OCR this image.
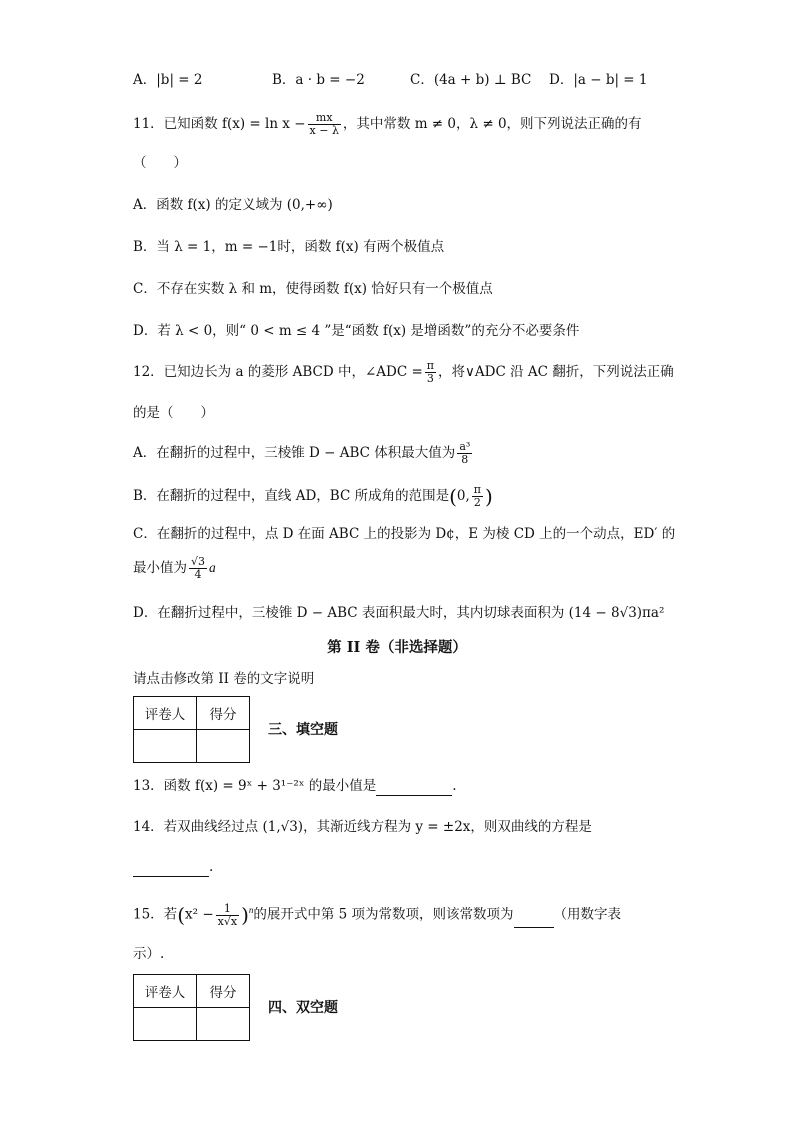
A．|b| = 2	B．a · b = −2	C．(4a + b) ⊥ BC D．|a − b| = 1
11．已知函数 $f(x) = \ln x - \frac{mx}{x - \lambda}$ ，其中常数 m ≠ 0，λ ≠ 0，则下列说法正确的有
（　　）
A．函数 f(x) 的定义域为 (0,+∞)
B．当 λ = 1，m = −1时，函数 f(x) 有两个极值点
C．不存在实数 λ 和 m，使得函数 f(x) 恰好只有一个极值点
D．若 λ < 0，则“ 0 < m ≤ 4 ”是“函数 f(x) 是增函数”的充分不必要条件
12．已知边长为 a 的菱形 ABCD 中，∠ADC = $\frac{\pi}{3}$ ，将∨ADC 沿 AC 翻折，下列说法正确
的是（　　）
A．在翻折的过程中，三棱锥 D − ABC 体积最大值为 $\frac{\text{a³}}{8}$
B．在翻折的过程中，直线 AD，BC 所成角的范围是(0, $\frac{\pi}{2}$ )
C．在翻折的过程中，点 D 在面 ABC 上的投影为 D¢，E 为棱 CD 上的一个动点，ED′ 的
最小值为 $\frac{√3}{4}$ a
D．在翻折过程中，三棱锥 D − ABC 表面积最大时，其内切球表面积为 (14 − 8√3)πa²
第 II 卷（非选择题）
请点击修改第 II 卷的文字说明
评卷人	得分

三、填空题
13．函数 f(x) = 9ˣ + 3¹⁻²ˣ 的最小值是	.
14．若双曲线经过点 (1,√3)，其渐近线方程为 y = ±2x，则双曲线的方程是
.
15．若$(x^2 - \frac{1}{x√x} )^n$的展开式中第 5 项为常数项，则该常数项为	（用数字表
示）.
评卷人	得分

四、双空题
